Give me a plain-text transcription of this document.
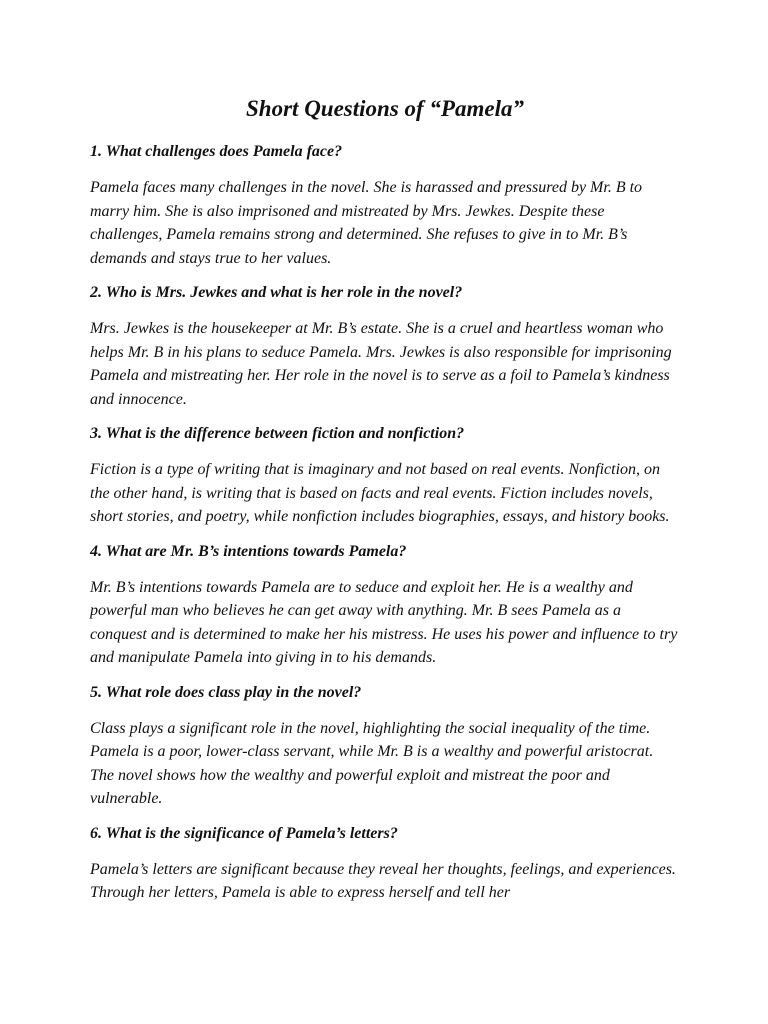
Short Questions of “Pamela”

1. What challenges does Pamela face?

Pamela faces many challenges in the novel. She is harassed and pressured by Mr. B to marry him. She is also imprisoned and mistreated by Mrs. Jewkes. Despite these challenges, Pamela remains strong and determined. She refuses to give in to Mr. B’s demands and stays true to her values.

2. Who is Mrs. Jewkes and what is her role in the novel?

Mrs. Jewkes is the housekeeper at Mr. B’s estate. She is a cruel and heartless woman who helps Mr. B in his plans to seduce Pamela. Mrs. Jewkes is also responsible for imprisoning Pamela and mistreating her. Her role in the novel is to serve as a foil to Pamela’s kindness and innocence.

3. What is the difference between fiction and nonfiction?

Fiction is a type of writing that is imaginary and not based on real events. Nonfiction, on the other hand, is writing that is based on facts and real events. Fiction includes novels, short stories, and poetry, while nonfiction includes biographies, essays, and history books.

4. What are Mr. B’s intentions towards Pamela?

Mr. B’s intentions towards Pamela are to seduce and exploit her. He is a wealthy and powerful man who believes he can get away with anything. Mr. B sees Pamela as a conquest and is determined to make her his mistress. He uses his power and influence to try and manipulate Pamela into giving in to his demands.

5. What role does class play in the novel?

Class plays a significant role in the novel, highlighting the social inequality of the time. Pamela is a poor, lower-class servant, while Mr. B is a wealthy and powerful aristocrat. The novel shows how the wealthy and powerful exploit and mistreat the poor and vulnerable.

6. What is the significance of Pamela’s letters?

Pamela’s letters are significant because they reveal her thoughts, feelings, and experiences. Through her letters, Pamela is able to express herself and tell her
